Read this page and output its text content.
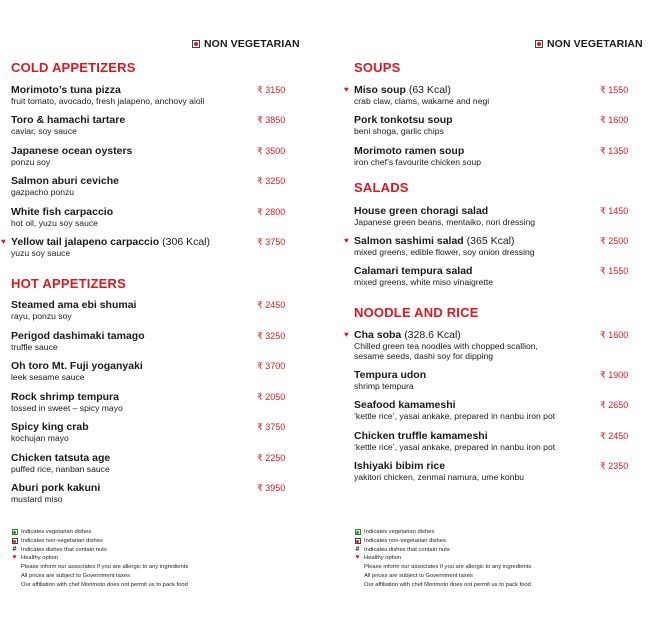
NON VEGETARIAN
COLD APPETIZERS
Morimoto’s tuna pizza
fruit tomato, avocado, fresh jalapeno, anchovy aioli
₹ 3150
Toro & hamachi tartare
caviar, soy sauce
₹ 3850
Japanese ocean oysters
ponzu soy
₹ 3500
Salmon aburi ceviche
gazpacho ponzu
₹ 3250
White fish carpaccio
hot oil, yuzu soy sauce
₹ 2800
♥ Yellow tail jalapeno carpaccio (306 Kcal)
yuzu soy sauce
₹ 3750
HOT APPETIZERS
Steamed ama ebi shumai
rayu, ponzu soy
₹ 2450
Perigod dashimaki tamago
truffle sauce
₹ 3250
Oh toro Mt. Fuji yoganyaki
leek sesame sauce
₹ 3700
Rock shrimp tempura
tossed in sweet – spicy mayo
₹ 2050
Spicy king crab
kochujan mayo
₹ 3750
Chicken tatsuta age
puffed rice, nanban sauce
₹ 2250
Aburi pork kakuni
mustard miso
₹ 3950
Indicates vegetarian dishes
Indicates non-vegetarian dishes
# Indicates dishes that contain nuts
♥ Healthy option
Please inform our associates if you are allergic to any ingredients
All prices are subject to Government taxes
Our affiliation with chef Morimoto does not permit us to pack food
NON VEGETARIAN
SOUPS
♥ Miso soup (63 Kcal)
crab claw, clams, wakame and negi
₹ 1550
Pork tonkotsu soup
beni shoga, garlic chips
₹ 1600
Morimoto ramen soup
iron chef’s favourite chicken soup
₹ 1350
SALADS
House green choragi salad
Japanese green beans, mentaiko, nori dressing
₹ 1450
♥ Salmon sashimi salad (365 Kcal)
mixed greens, edible flower, soy onion dressing
₹ 2500
Calamari tempura salad
mixed greens, white miso vinaigrette
₹ 1550
NOODLE AND RICE
♥ Cha soba (328.6 Kcal)
Chilled green tea noodles with chopped scallion,
sesame seeds, dashi soy for dipping
₹ 1600
Tempura udon
shrimp tempura
₹ 1900
Seafood kamameshi
‘kettle rice’, yasai ankake, prepared in nanbu iron pot
₹ 2650
Chicken truffle kamameshi
‘kettle rice’, yasai ankake, prepared in nanbu iron pot
₹ 2450
Ishiyaki bibim rice
yakitori chicken, zenmai namura, ume konbu
₹ 2350
Indicates vegetarian dishes
Indicates non-vegetarian dishes
# Indicates dishes that contain nuts
♥ Healthy option
Please inform our associates if you are allergic to any ingredients
All prices are subject to Government taxes
Our affiliation with chef Morimoto does not permit us to pack food
